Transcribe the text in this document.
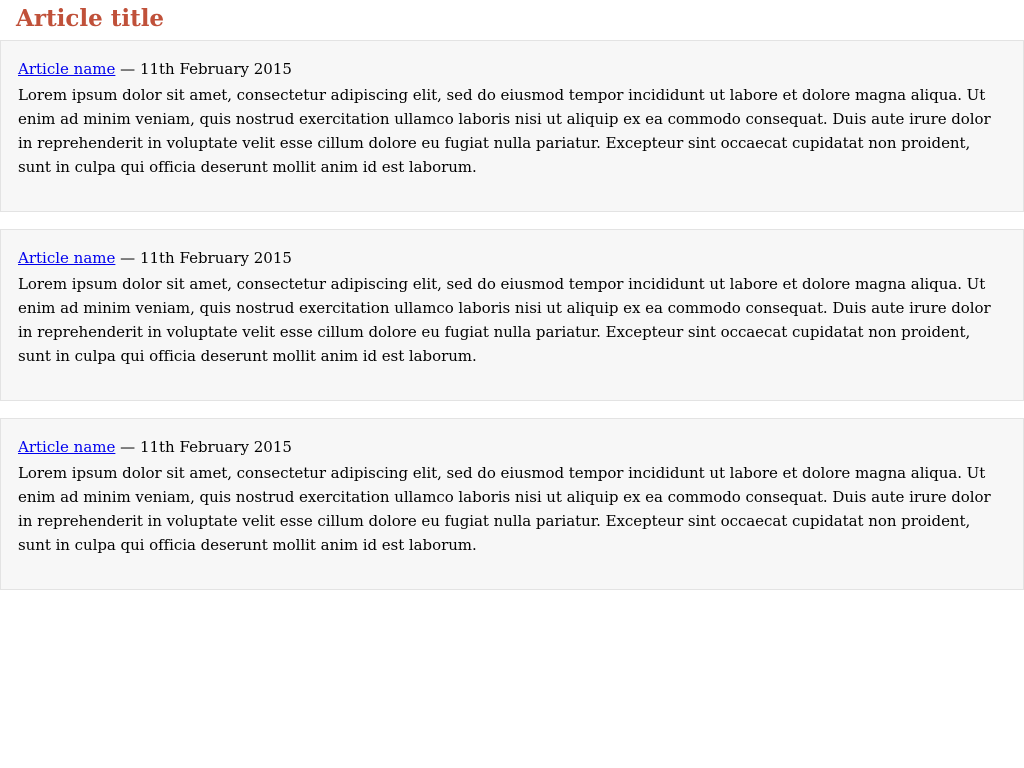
Article title
Article name — 11th February 2015

Lorem ipsum dolor sit amet, consectetur adipiscing elit, sed do eiusmod tempor incididunt ut labore et dolore magna aliqua. Ut enim ad minim veniam, quis nostrud exercitation ullamco laboris nisi ut aliquip ex ea commodo consequat. Duis aute irure dolor in reprehenderit in voluptate velit esse cillum dolore eu fugiat nulla pariatur. Excepteur sint occaecat cupidatat non proident, sunt in culpa qui officia deserunt mollit anim id est laborum.

Article name — 11th February 2015

Lorem ipsum dolor sit amet, consectetur adipiscing elit, sed do eiusmod tempor incididunt ut labore et dolore magna aliqua. Ut enim ad minim veniam, quis nostrud exercitation ullamco laboris nisi ut aliquip ex ea commodo consequat. Duis aute irure dolor in reprehenderit in voluptate velit esse cillum dolore eu fugiat nulla pariatur. Excepteur sint occaecat cupidatat non proident, sunt in culpa qui officia deserunt mollit anim id est laborum.

Article name — 11th February 2015

Lorem ipsum dolor sit amet, consectetur adipiscing elit, sed do eiusmod tempor incididunt ut labore et dolore magna aliqua. Ut enim ad minim veniam, quis nostrud exercitation ullamco laboris nisi ut aliquip ex ea commodo consequat. Duis aute irure dolor in reprehenderit in voluptate velit esse cillum dolore eu fugiat nulla pariatur. Excepteur sint occaecat cupidatat non proident, sunt in culpa qui officia deserunt mollit anim id est laborum.
